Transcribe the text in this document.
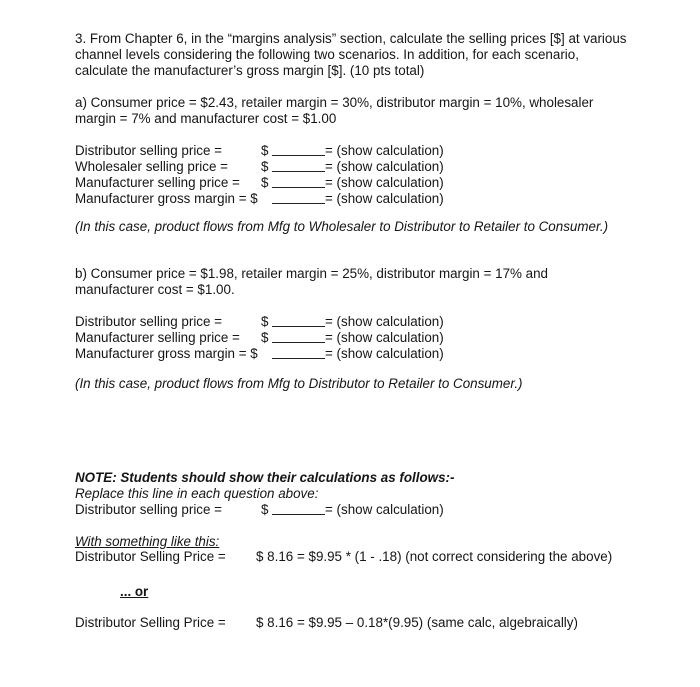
3. From Chapter 6, in the “margins analysis” section, calculate the selling prices [$] at various
channel levels considering the following two scenarios. In addition, for each scenario,
calculate the manufacturer’s gross margin [$]. (10 pts total)
a) Consumer price = $2.43, retailer margin = 30%, distributor margin = 10%, wholesaler
margin = 7% and manufacturer cost = $1.00
Distributor selling price =	$	= (show calculation)
Wholesaler selling price = $	= (show calculation)
Manufacturer selling price = $	= (show calculation)
Manufacturer gross margin = $	= (show calculation)
(In this case, product flows from Mfg to Wholesaler to Distributor to Retailer to Consumer.)
b) Consumer price = $1.98, retailer margin = 25%, distributor margin = 17% and
manufacturer cost = $1.00.
Distributor selling price =	$	= (show calculation)
Manufacturer selling price = $	= (show calculation)
Manufacturer gross margin = $	= (show calculation)
(In this case, product flows from Mfg to Distributor to Retailer to Consumer.)
NOTE: Students should show their calculations as follows:-
Replace this line in each question above:
Distributor selling price =	$	= (show calculation)
With something like this:
Distributor Selling Price = $ 8.16 = $9.95 * (1 - .18) (not correct considering the above)
... or
Distributor Selling Price = $ 8.16 = $9.95 – 0.18*(9.95) (same calc, algebraically)
